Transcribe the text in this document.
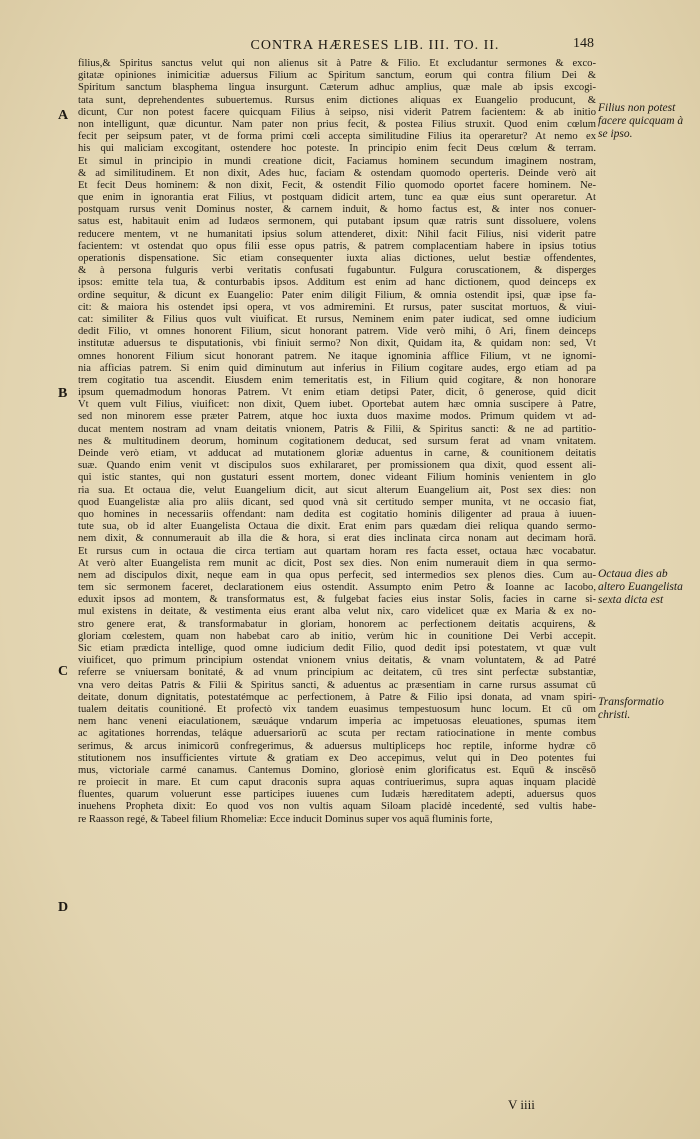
CONTRA HÆRESES LIB. III. TO. II.	148
A
B
C
D
Filius non potest facere quicquam à se ipso.
Octaua dies ab altero Euangelista sexta dicta est
Transformatio christi.
filius,& Spiritus sanctus velut qui non alienus sit à Patre & Filio. Et excludantur sermones & exco-
gitatæ opiniones inimicitiæ aduersus Filium ac Spiritum sanctum, eorum qui contra filium Dei &
Spiritum sanctum blasphema lingua insurgunt. Cæterum adhuc amplius, quæ male ab ipsis excogi-
tata sunt, deprehendentes subuertemus. Rursus enim dictiones aliquas ex Euangelio producunt, &
dicunt, Cur non potest facere quicquam Filius à seipso, nisi viderit Patrem facientem: & ab initio
non intelligunt, quæ dicuntur. Nam pater non prius fecit, & postea Filius struxit. Quod enim cœlum
fecit per seipsum pater, vt de forma primi cœli accepta similitudine Filius ita operaretur? At nemo ex
his qui maliciam excogitant, ostendere hoc poteste. In principio enim fecit Deus cœlum & terram.
Et simul in principio in mundi creatione dicit, Faciamus hominem secundum imaginem nostram,
& ad similitudinem. Et non dixit, Ades huc, faciam & ostendam quomodo operteris. Deinde verò ait
Et fecit Deus hominem: & non dixit, Fecit, & ostendit Filio quomodo oportet facere hominem. Ne-
que enim in ignorantia erat Filius, vt postquam didicit artem, tunc ea quæ eius sunt operaretur. At
postquam rursus venit Dominus noster, & carnem induit, & homo factus est, & inter nos conuer-
satus est, habitauit enim ad Iudæos sermonem, qui putabant ipsum quæ ratris sunt dissoluere, volens
reducere mentem, vt ne humanitati ipsius solum attenderet, dixit: Nihil facit Filius, nisi viderit patre
facientem: vt ostendat quo opus filii esse opus patris, & patrem complacentiam habere in ipsius totius
operationis dispensatione. Sic etiam consequenter iuxta alias dictiones, uelut bestiæ offendentes,
& à persona fulguris verbi veritatis confusati fugabuntur. Fulgura coruscationem, & disperges
ipsos: emitte tela tua, & conturbabis ipsos. Additum est enim ad hanc dictionem, quod deinceps ex
ordine sequitur, & dicunt ex Euangelio: Pater enim diligit Filium, & omnia ostendit ipsi, quæ ipse fa-
cit: & maiora his ostendet ipsi opera, vt vos admiremini. Et rursus, pater suscitat mortuos, & viui-
cat: similiter & Filius quos vult viuificat. Et rursus, Neminem enim pater iudicat, sed omne iudicium
dedit Filio, vt omnes honorent Filium, sicut honorant patrem. Vide verò mihi, ô Ari, finem deinceps
institutæ aduersus te disputationis, vbi finiuit sermo? Non dixit, Quidam ita, & quidam non: sed, Vt
omnes honorent Filium sicut honorant patrem. Ne itaque ignominia afflice Filium, vt ne ignomi-
nia afficias patrem. Si enim quid diminutum aut inferius in Filium cogitare audes, ergo etiam ad pa
trem cogitatio tua ascendit. Eiusdem enim temeritatis est, in Filium quid cogitare, & non honorare
ipsum quemadmodum honoras Patrem. Vt enim etiam detipsi Pater, dicit, ô generose, quid dicit
Vt quem vult Filius, viuificet: non dixit, Quem iubet. Oportebat autem hæc omnia suscipere à Patre,
sed non minorem esse præter Patrem, atque hoc iuxta duos maxime modos. Primum quidem vt ad-
ducat mentem nostram ad vnam deitatis vnionem, Patris & Filii, & Spiritus sancti: & ne ad partitio-
nes & multitudinem deorum, hominum cogitationem deducat, sed sursum ferat ad vnam vnitatem.
Deinde verò etiam, vt adducat ad mutationem gloriæ aduentus in carne, & counitionem deitatis
suæ. Quando enim venit vt discipulos suos exhilararet, per promissionem qua dixit, quod essent ali-
qui istic stantes, qui non gustaturi essent mortem, donec videant Filium hominis venientem in glo
ria sua. Et octaua die, velut Euangelium dicit, aut sicut alterum Euangelium ait, Post sex dies: non
quod Euangelistæ alia pro aliis dicant, sed quod vnà sit certitudo semper munita, vt ne occasio fiat,
quo homines in necessariis offendant: nam dedita est cogitatio hominis diligenter ad praua à iuuen-
tute sua, ob id alter Euangelista Octaua die dixit. Erat enim pars quædam diei reliqua quando sermo-
nem dixit, & connumerauit ab illa die & hora, si erat dies inclinata circa nonam aut decimam horā.
Et rursus cum in octaua die circa tertiam aut quartam horam res facta esset, octaua hæc vocabatur.
At verò alter Euangelista rem munit ac dicit, Post sex dies. Non enim numerauit diem in qua sermo-
nem ad discipulos dixit, neque eam in qua opus perfecit, sed intermedios sex plenos dies. Cum au-
tem sic sermonem faceret, declarationem eius ostendit. Assumpto enim Petro & Ioanne ac Iacobo,
eduxit ipsos ad montem, & transformatus est, & fulgebat facies eius instar Solis, facies in carne si-
mul existens in deitate, & vestimenta eius erant alba velut nix, caro videlicet quæ ex Maria & ex no-
stro genere erat, & transformabatur in gloriam, honorem ac perfectionem deitatis acquirens, &
gloriam cœlestem, quam non habebat caro ab initio, verùm hic in counitione Dei Verbi accepit.
Sic etiam prædicta intellige, quod omne iudicium dedit Filio, quod dedit ipsi potestatem, vt quæ vult
viuificet, quo primum principium ostendat vnionem vnius deitatis, & vnam voluntatem, & ad Patré
referre se vniuersam bonitaté, & ad vnum principium ac deitatem, cū tres sint perfectæ substantiæ,
vna vero deitas Patris & Filii & Spiritus sancti, & aduentus ac præsentiam in carne rursus assumat cū
deitate, donum dignitatis, potestatémque ac perfectionem, à Patre & Filio ipsi donata, ad vnam spiri-
tualem deitatis counitioné. Et profectò vix tandem euasimus tempestuosum hunc locum. Et cū om
nem hanc veneni eiaculationem, sæuáque vndarum imperia ac impetuosas eleuationes, spumas item
ac agitationes horrendas, teláque aduersariorū ac scuta per rectam ratiocinatione in mente combus
serimus, & arcus inimicorū confregerimus, & aduersus multipliceps hoc reptile, informe hydræ cō
stitutionem nos insufficientes virtute & gratiam ex Deo accepimus, velut qui in Deo potentes fui
mus, victoriale carmé canamus. Cantemus Domino, gloriosè enim glorificatus est. Equū & inscēsō
re proiecit in mare. Et cum caput draconis supra aquas contriuerimus, supra aquas inquam placidè
fluentes, quarum voluerunt esse participes iuuenes cum Iudæis hæreditatem adepti, aduersus quos
inuehens Propheta dixit: Eo quod vos non vultis aquam Siloam placidè incedenté, sed vultis habe-
re Raasson regé, & Tabeel filium Rhomeliæ: Ecce inducit Dominus super vos aquā fluminis forte,
V iiii
